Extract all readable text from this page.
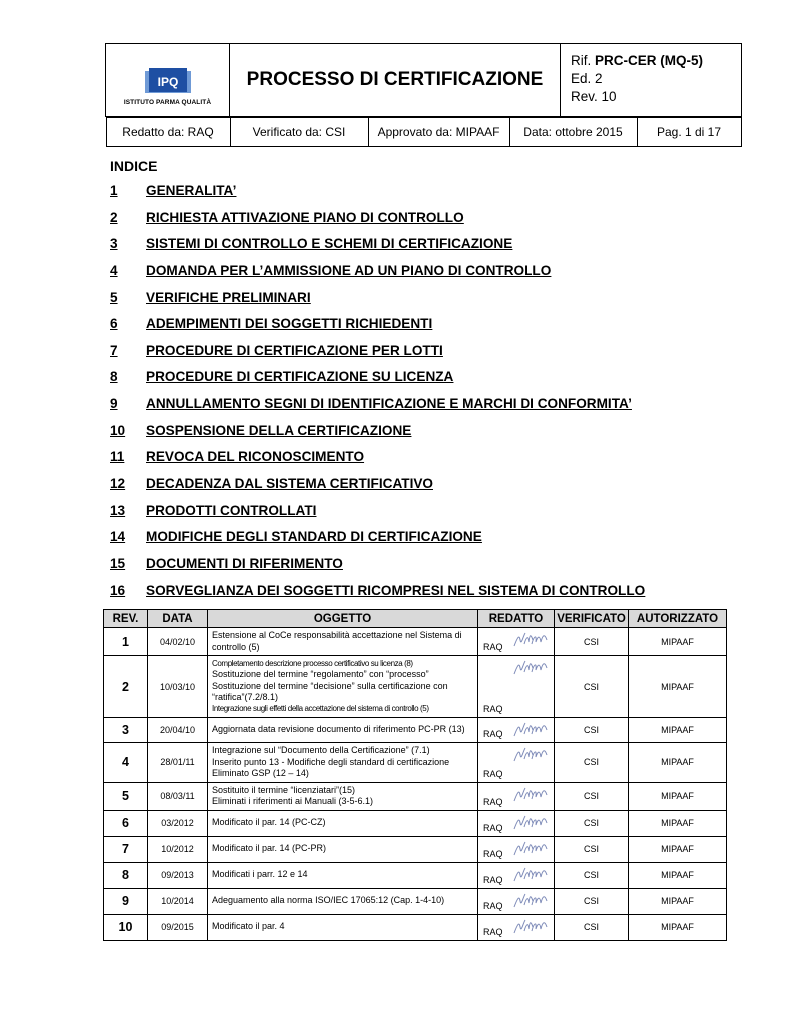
IPQ
ISTITUTO PARMA QUALITÀ
	PROCESSO DI CERTIFICAZIONE	Rif. PRC-CER (MQ-5)
Ed. 2
Rev. 10

Redatto da: RAQ	Verificato da: CSI	Approvato da: MIPAAF	Data: ottobre 2015	Pag. 1 di 17
INDICE
1 GENERALITA’
2 RICHIESTA ATTIVAZIONE PIANO DI CONTROLLO
3 SISTEMI DI CONTROLLO E SCHEMI DI CERTIFICAZIONE
4 DOMANDA PER L’AMMISSIONE AD UN PIANO DI CONTROLLO
5 VERIFICHE PRELIMINARI
6 ADEMPIMENTI DEI SOGGETTI RICHIEDENTI
7 PROCEDURE DI CERTIFICAZIONE PER LOTTI
8 PROCEDURE DI CERTIFICAZIONE SU LICENZA
9 ANNULLAMENTO SEGNI DI IDENTIFICAZIONE E MARCHI DI CONFORMITA’
10 SOSPENSIONE DELLA CERTIFICAZIONE
11 REVOCA DEL RICONOSCIMENTO
12 DECADENZA DAL SISTEMA CERTIFICATIVO
13 PRODOTTI CONTROLLATI
14 MODIFICHE DEGLI STANDARD DI CERTIFICAZIONE
15 DOCUMENTI DI RIFERIMENTO
16 SORVEGLIANZA DEI SOGGETTI RICOMPRESI NEL SISTEMA DI CONTROLLO
REV.	DATA	OGGETTO	REDATTO	VERIFICATO	AUTORIZZATO
1	04/02/10	Estensione al CoCe responsabilità accettazione nel Sistema di controllo (5)	RAQ	CSI	MIPAAF
2	10/03/10	Completamento descrizione processo certificativo su licenza (8)
Sostituzione del termine “regolamento” con “processo”
Sostituzione del termine “decisione” sulla certificazione con “ratifica”(7.2/8.1)
Integrazione sugli effetti della accettazione del sistema di controllo (5)	RAQ	CSI	MIPAAF
3	20/04/10	Aggiornata data revisione documento di riferimento PC-PR (13)	RAQ	CSI	MIPAAF
4	28/01/11	Integrazione sul “Documento della Certificazione” (7.1)
Inserito punto 13 - Modifiche degli standard di certificazione
Eliminato GSP (12 – 14)	RAQ	CSI	MIPAAF
5	08/03/11	Sostituito il termine “licenziatari”(15)
Eliminati i riferimenti ai Manuali (3-5-6.1)	RAQ	CSI	MIPAAF
6	03/2012	Modificato il par. 14 (PC-CZ)	RAQ	CSI	MIPAAF
7	10/2012	Modificato il par. 14 (PC-PR)	RAQ	CSI	MIPAAF
8	09/2013	Modificati i parr. 12 e 14	RAQ	CSI	MIPAAF
9	10/2014	Adeguamento alla norma ISO/IEC 17065:12 (Cap. 1-4-10)	RAQ	CSI	MIPAAF
10	09/2015	Modificato il par. 4	RAQ	CSI	MIPAAF
